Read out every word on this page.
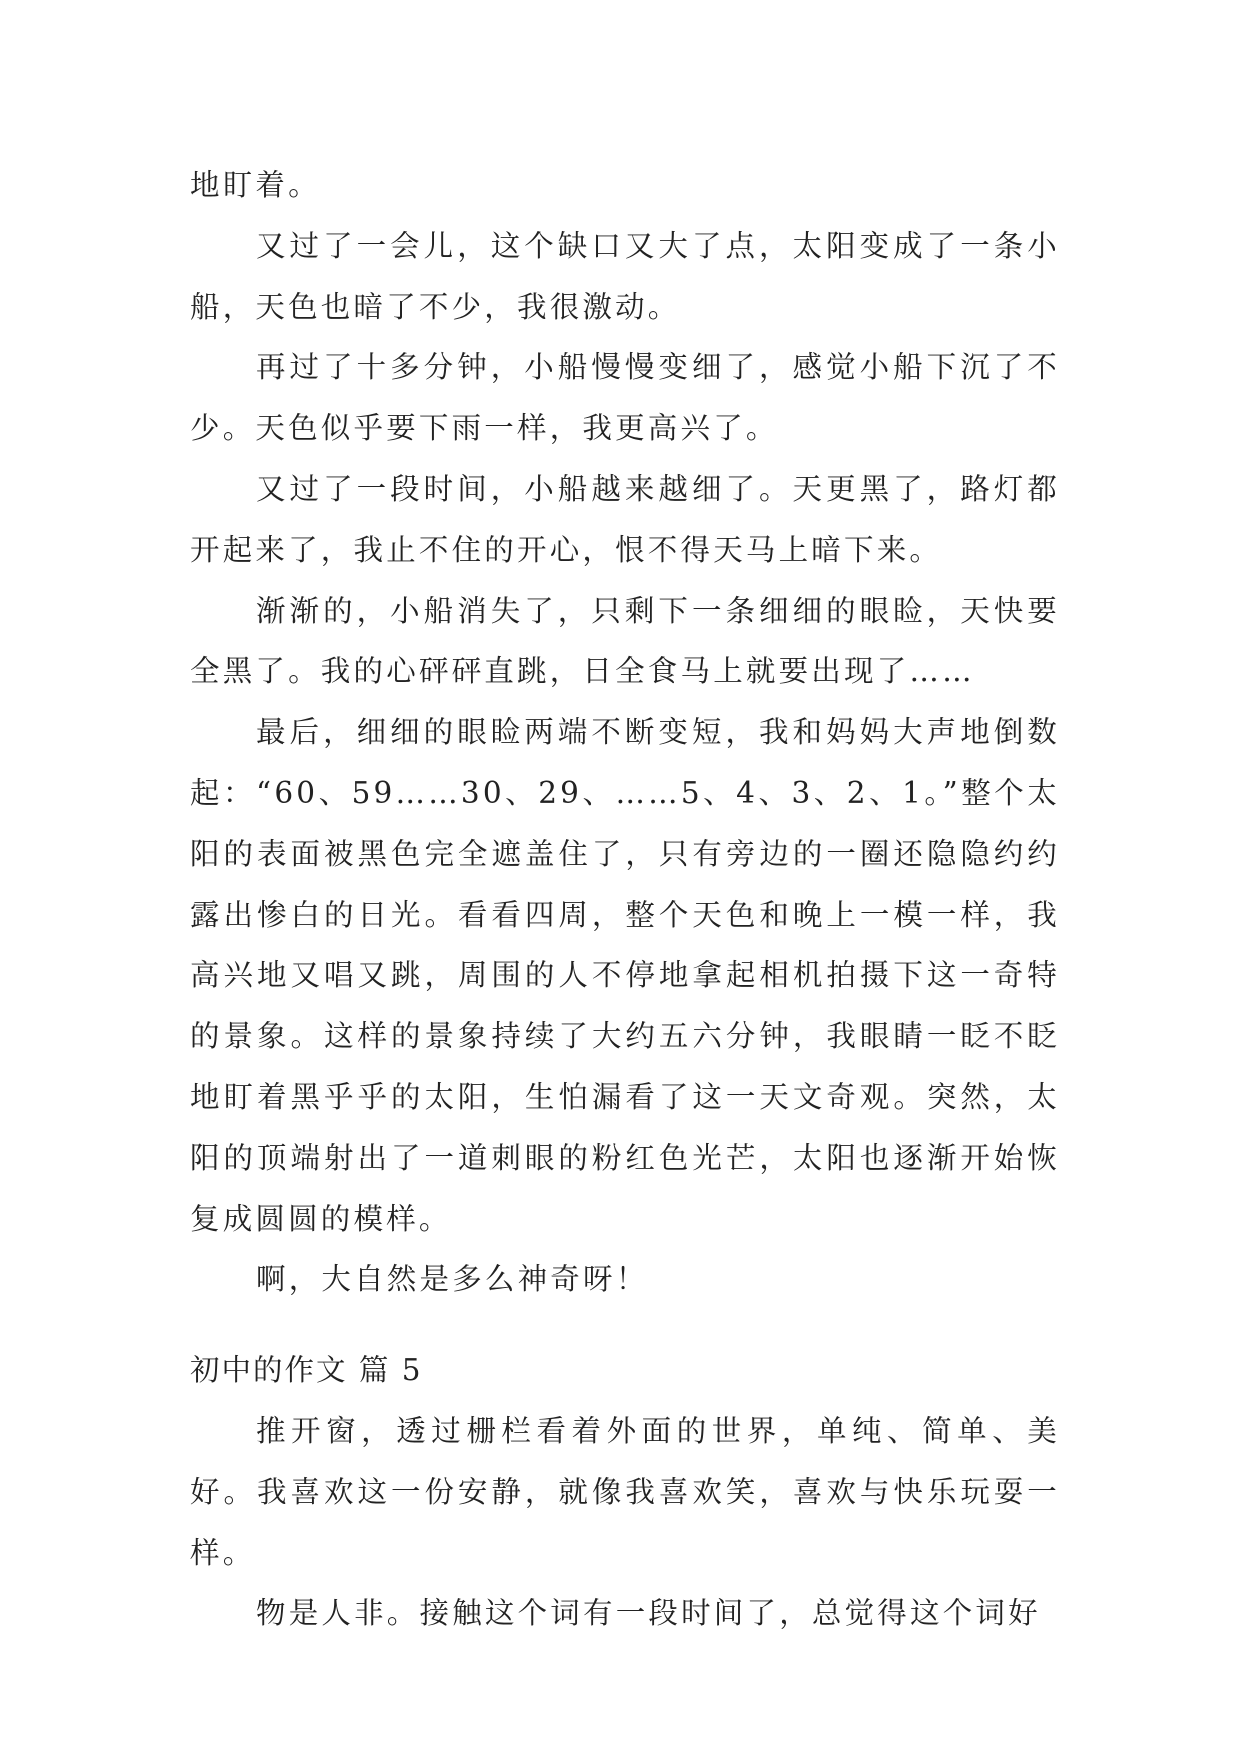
地盯着。

又过了一会儿，这个缺口又大了点，太阳变成了一条小船，天色也暗了不少，我很激动。

再过了十多分钟，小船慢慢变细了，感觉小船下沉了不少。天色似乎要下雨一样，我更高兴了。

又过了一段时间，小船越来越细了。天更黑了，路灯都开起来了，我止不住的开心，恨不得天马上暗下来。

渐渐的，小船消失了，只剩下一条细细的眼睑，天快要全黑了。我的心砰砰直跳，日全食马上就要出现了……

最后，细细的眼睑两端不断变短，我和妈妈大声地倒数起：“60、59……30、29、……5、4、3、2、1。”整个太阳的表面被黑色完全遮盖住了，只有旁边的一圈还隐隐约约露出惨白的日光。看看四周，整个天色和晚上一模一样，我高兴地又唱又跳，周围的人不停地拿起相机拍摄下这一奇特的景象。这样的景象持续了大约五六分钟，我眼睛一眨不眨地盯着黑乎乎的太阳，生怕漏看了这一天文奇观。突然，太阳的顶端射出了一道刺眼的粉红色光芒，太阳也逐渐开始恢复成圆圆的模样。

啊，大自然是多么神奇呀！

初中的作文 篇 5

推开窗，透过栅栏看着外面的世界，单纯、简单、美好。我喜欢这一份安静，就像我喜欢笑，喜欢与快乐玩耍一样。

物是人非。接触这个词有一段时间了，总觉得这个词好
